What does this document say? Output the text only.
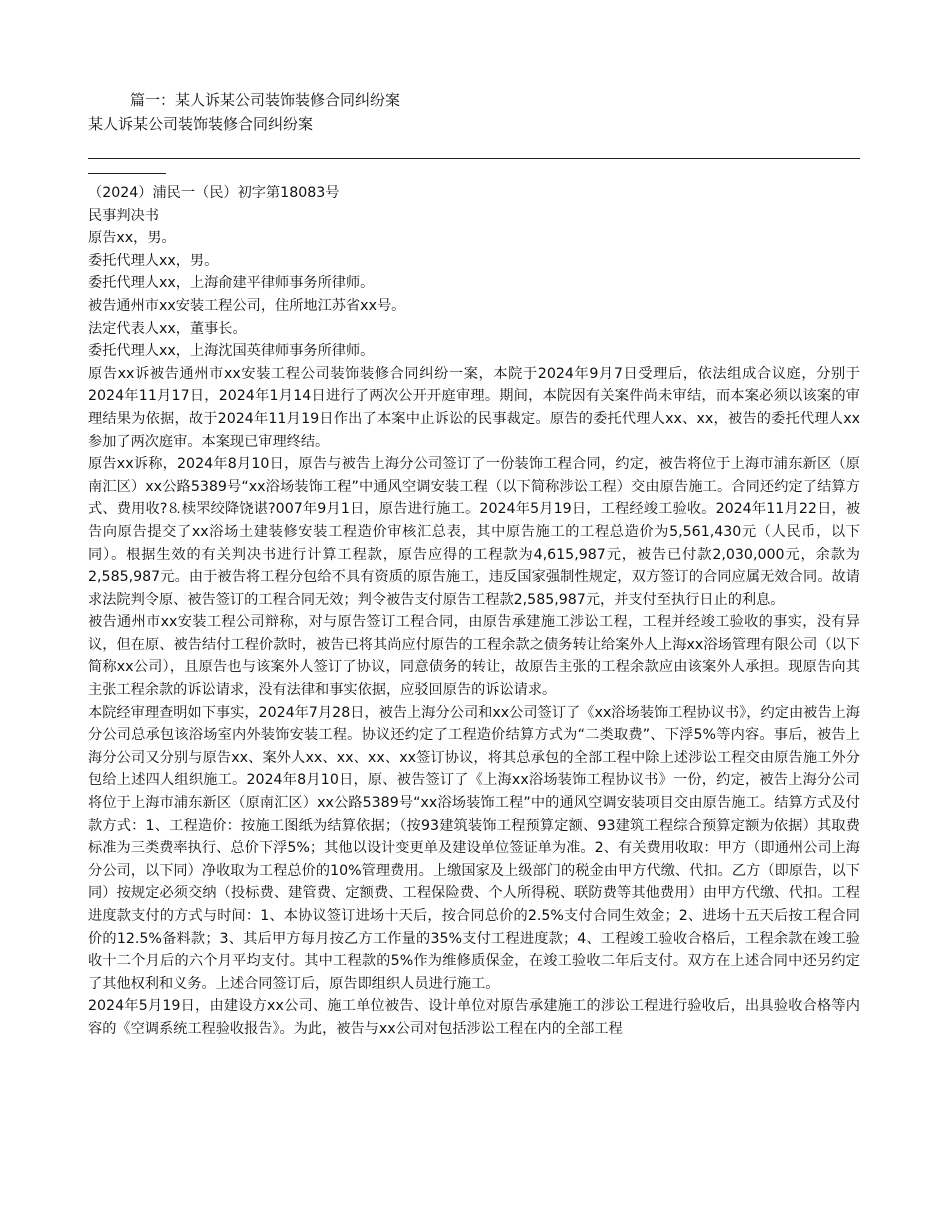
篇一：某人诉某公司装饰装修合同纠纷案
某人诉某公司装饰装修合同纠纷案

（2024）浦民一（民）初字第18083号

民事判决书

原告xx，男。

委托代理人xx，男。

委托代理人xx，上海俞建平律师事务所律师。

被告通州市xx安装工程公司，住所地江苏省xx号。

法定代表人xx，董事长。

委托代理人xx，上海沈国英律师事务所律师。

原告xx诉被告通州市xx安装工程公司装饰装修合同纠纷一案，本院于2024年9月7日受理后，依法组成合议庭，分别于2024年11月17日，2024年1月14日进行了两次公开开庭审理。期间，本院因有关案件尚未审结，而本案必须以该案的审理结果为依据，故于2024年11月19日作出了本案中止诉讼的民事裁定。原告的委托代理人xx、xx，被告的委托代理人xx参加了两次庭审。本案现已审理终结。

原告xx诉称，2024年8月10日，原告与被告上海分公司签订了一份装饰工程合同，约定，被告将位于上海市浦东新区（原南汇区）xx公路5389号“xx浴场装饰工程”中通风空调安装工程（以下简称涉讼工程）交由原告施工。合同还约定了结算方式、费用收?⒏椟罘绞降饶谌?007年9月1日，原告进行施工。2024年5月19日，工程经竣工验收。2024年11月22日，被告向原告提交了xx浴场土建装修安装工程造价审核汇总表，其中原告施工的工程总造价为5,561,430元（人民币，以下同）。根据生效的有关判决书进行计算工程款，原告应得的工程款为4,615,987元，被告已付款2,030,000元，余款为2,585,987元。由于被告将工程分包给不具有资质的原告施工，违反国家强制性规定，双方签订的合同应属无效合同。故请求法院判令原、被告签订的工程合同无效；判令被告支付原告工程款2,585,987元，并支付至执行日止的利息。

被告通州市xx安装工程公司辩称，对与原告签订工程合同，由原告承建施工涉讼工程，工程并经竣工验收的事实，没有异议，但在原、被告结付工程价款时，被告已将其尚应付原告的工程余款之债务转让给案外人上海xx浴场管理有限公司（以下简称xx公司），且原告也与该案外人签订了协议，同意债务的转让，故原告主张的工程余款应由该案外人承担。现原告向其主张工程余款的诉讼请求，没有法律和事实依据，应驳回原告的诉讼请求。

本院经审理查明如下事实，2024年7月28日，被告上海分公司和xx公司签订了《xx浴场装饰工程协议书》，约定由被告上海分公司总承包该浴场室内外装饰安装工程。协议还约定了工程造价结算方式为“二类取费”、下浮5%等内容。事后，被告上海分公司又分别与原告xx、案外人xx、xx、xx、xx签订协议，将其总承包的全部工程中除上述涉讼工程交由原告施工外分包给上述四人组织施工。2024年8月10日，原、被告签订了《上海xx浴场装饰工程协议书》一份，约定，被告上海分公司将位于上海市浦东新区（原南汇区）xx公路5389号“xx浴场装饰工程”中的通风空调安装项目交由原告施工。结算方式及付款方式：1、工程造价：按施工图纸为结算依据；（按93建筑装饰工程预算定额、93建筑工程综合预算定额为依据）其取费标准为三类费率执行、总价下浮5%；其他以设计变更单及建设单位签证单为准。2、有关费用收取：甲方（即通州公司上海分公司，以下同）净收取为工程总价的10%管理费用。上缴国家及上级部门的税金由甲方代缴、代扣。乙方（即原告，以下同）按规定必须交纳（投标费、建管费、定额费、工程保险费、个人所得税、联防费等其他费用）由甲方代缴、代扣。工程进度款支付的方式与时间：1、本协议签订进场十天后，按合同总价的2.5%支付合同生效金；2、进场十五天后按工程合同价的12.5%备料款；3、其后甲方每月按乙方工作量的35%支付工程进度款；4、工程竣工验收合格后，工程余款在竣工验收十二个月后的六个月平均支付。其中工程款的5%作为维修质保金，在竣工验收二年后支付。双方在上述合同中还另约定了其他权利和义务。上述合同签订后，原告即组织人员进行施工。

2024年5月19日，由建设方xx公司、施工单位被告、设计单位对原告承建施工的涉讼工程进行验收后，出具验收合格等内容的《空调系统工程验收报告》。为此，被告与xx公司对包括涉讼工程在内的全部工程
